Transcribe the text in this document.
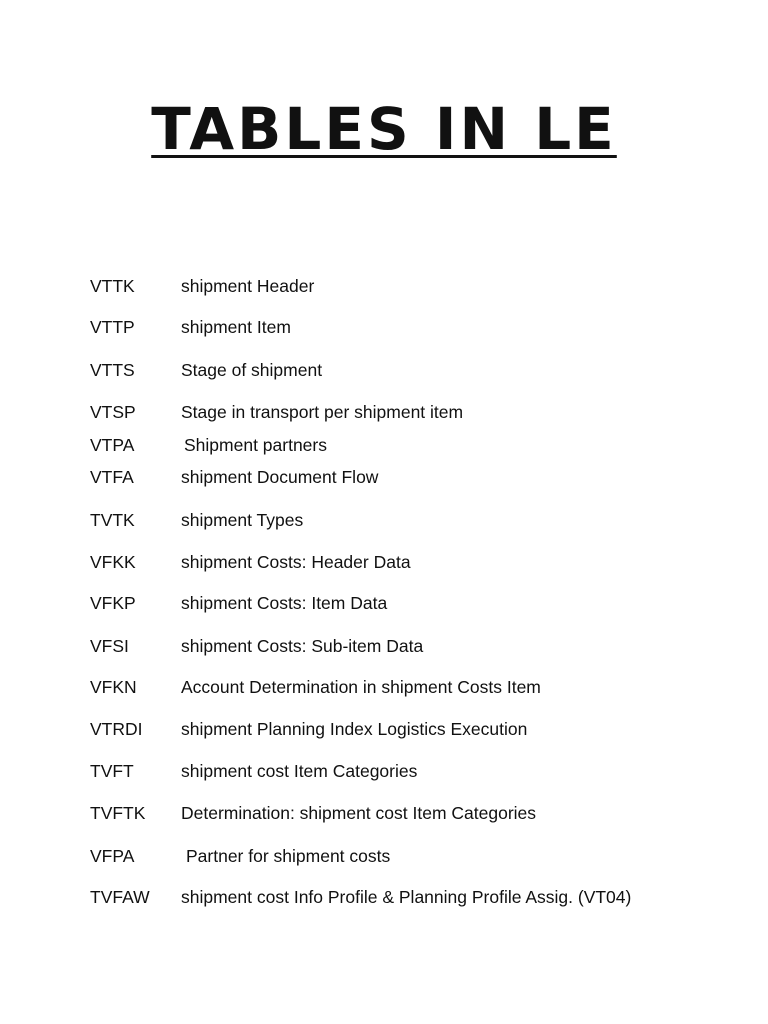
TABLES IN LE
VTTK	shipment Header
VTTP	shipment Item
VTTS	Stage of shipment
VTSP	Stage in transport per shipment item
VTPA	Shipment partners
VTFA	shipment Document Flow
TVTK	shipment Types
VFKK	shipment Costs: Header Data
VFKP	shipment Costs: Item Data
VFSI	shipment Costs: Sub-item Data
VFKN	Account Determination in shipment Costs Item
VTRDI shipment Planning Index Logistics Execution
TVFT	shipment cost Item Categories
TVFTK Determination: shipment cost Item Categories
VFPA	Partner for shipment costs
TVFAW shipment cost Info Profile & Planning Profile Assig. (VT04)
